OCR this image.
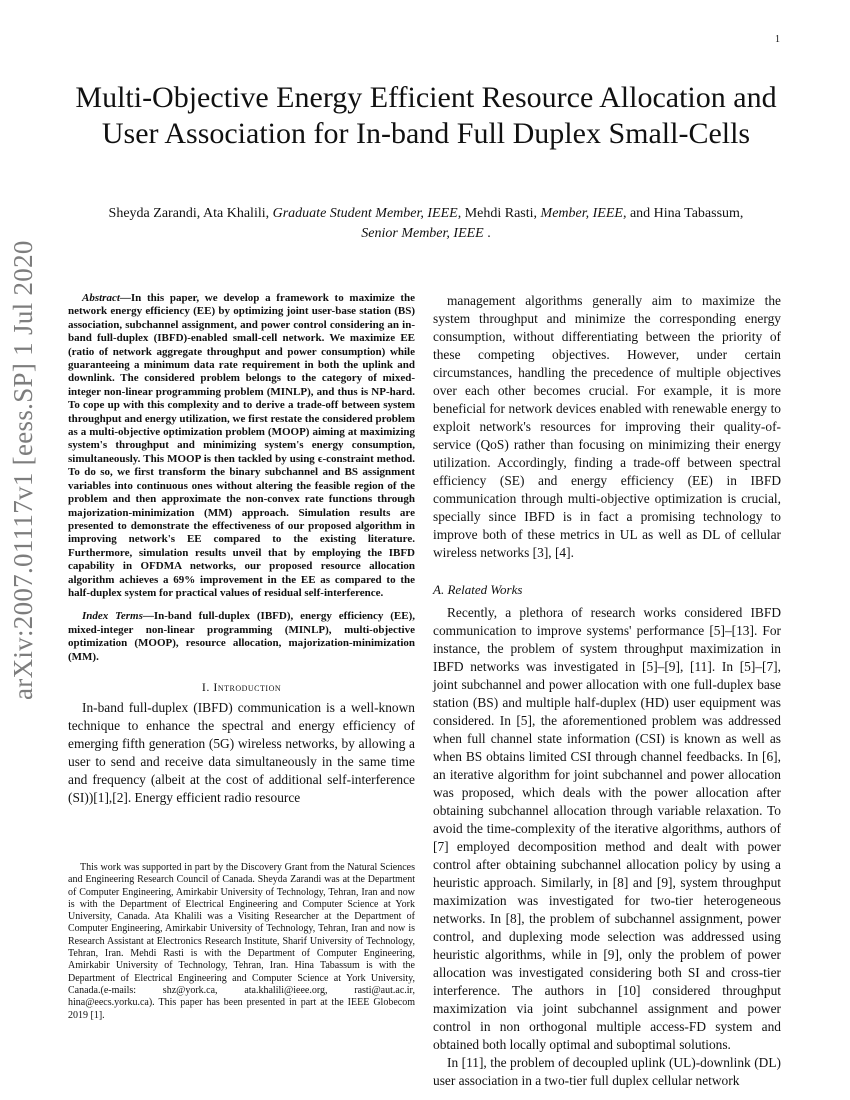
1
arXiv:2007.01117v1 [eess.SP] 1 Jul 2020
Multi-Objective Energy Efficient Resource Allocation and User Association for In-band Full Duplex Small-Cells
Sheyda Zarandi, Ata Khalili, Graduate Student Member, IEEE, Mehdi Rasti, Member, IEEE, and Hina Tabassum, Senior Member, IEEE .

Abstract—In this paper, we develop a framework to maximize the network energy efficiency (EE) by optimizing joint user-base station (BS) association, subchannel assignment, and power control considering an in-band full-duplex (IBFD)-enabled small-cell network. We maximize EE (ratio of network aggregate throughput and power consumption) while guaranteeing a minimum data rate requirement in both the uplink and downlink. The considered problem belongs to the category of mixed-integer non-linear programming problem (MINLP), and thus is NP-hard. To cope up with this complexity and to derive a trade-off between system throughput and energy utilization, we first restate the considered problem as a multi-objective optimization problem (MOOP) aiming at maximizing system's throughput and minimizing system's energy consumption, simultaneously. This MOOP is then tackled by using ϵ-constraint method. To do so, we first transform the binary subchannel and BS assignment variables into continuous ones without altering the feasible region of the problem and then approximate the non-convex rate functions through majorization-minimization (MM) approach. Simulation results are presented to demonstrate the effectiveness of our proposed algorithm in improving network's EE compared to the existing literature. Furthermore, simulation results unveil that by employing the IBFD capability in OFDMA networks, our proposed resource allocation algorithm achieves a 69% improvement in the EE as compared to the half-duplex system for practical values of residual self-interference.

Index Terms—In-band full-duplex (IBFD), energy efficiency (EE), mixed-integer non-linear programming (MINLP), multi-objective optimization (MOOP), resource allocation, majorization-minimization (MM).

I. Introduction

In-band full-duplex (IBFD) communication is a well-known technique to enhance the spectral and energy efficiency of emerging fifth generation (5G) wireless networks, by allowing a user to send and receive data simultaneously in the same time and frequency (albeit at the cost of additional self-interference (SI))[1],[2]. Energy efficient radio resource

This work was supported in part by the Discovery Grant from the Natural Sciences and Engineering Research Council of Canada. Sheyda Zarandi was at the Department of Computer Engineering, Amirkabir University of Technology, Tehran, Iran and now is with the Department of Electrical Engineering and Computer Science at York University, Canada. Ata Khalili was a Visiting Researcher at the Department of Computer Engineering, Amirkabir University of Technology, Tehran, Iran and now is Research Assistant at Electronics Research Institute, Sharif University of Technology, Tehran, Iran. Mehdi Rasti is with the Department of Computer Engineering, Amirkabir University of Technology, Tehran, Iran. Hina Tabassum is with the Department of Electrical Engineering and Computer Science at York University, Canada.(e-mails: shz@york.ca, ata.khalili@ieee.org, rasti@aut.ac.ir, hina@eecs.yorku.ca). This paper has been presented in part at the IEEE Globecom 2019 [1].

management algorithms generally aim to maximize the system throughput and minimize the corresponding energy consumption, without differentiating between the priority of these competing objectives. However, under certain circumstances, handling the precedence of multiple objectives over each other becomes crucial. For example, it is more beneficial for network devices enabled with renewable energy to exploit network's resources for improving their quality-of-service (QoS) rather than focusing on minimizing their energy utilization. Accordingly, finding a trade-off between spectral efficiency (SE) and energy efficiency (EE) in IBFD communication through multi-objective optimization is crucial, specially since IBFD is in fact a promising technology to improve both of these metrics in UL as well as DL of cellular wireless networks [3], [4].

A. Related Works

Recently, a plethora of research works considered IBFD communication to improve systems' performance [5]–[13]. For instance, the problem of system throughput maximization in IBFD networks was investigated in [5]–[9], [11]. In [5]–[7], joint subchannel and power allocation with one full-duplex base station (BS) and multiple half-duplex (HD) user equipment was considered. In [5], the aforementioned problem was addressed when full channel state information (CSI) is known as well as when BS obtains limited CSI through channel feedbacks. In [6], an iterative algorithm for joint subchannel and power allocation was proposed, which deals with the power allocation after obtaining subchannel allocation through variable relaxation. To avoid the time-complexity of the iterative algorithms, authors of [7] employed decomposition method and dealt with power control after obtaining subchannel allocation policy by using a heuristic approach. Similarly, in [8] and [9], system throughput maximization was investigated for two-tier heterogeneous networks. In [8], the problem of subchannel assignment, power control, and duplexing mode selection was addressed using heuristic algorithms, while in [9], only the problem of power allocation was investigated considering both SI and cross-tier interference. The authors in [10] considered throughput maximization via joint subchannel assignment and power control in non orthogonal multiple access-FD system and obtained both locally optimal and suboptimal solutions.

In [11], the problem of decoupled uplink (UL)-downlink (DL) user association in a two-tier full duplex cellular network
